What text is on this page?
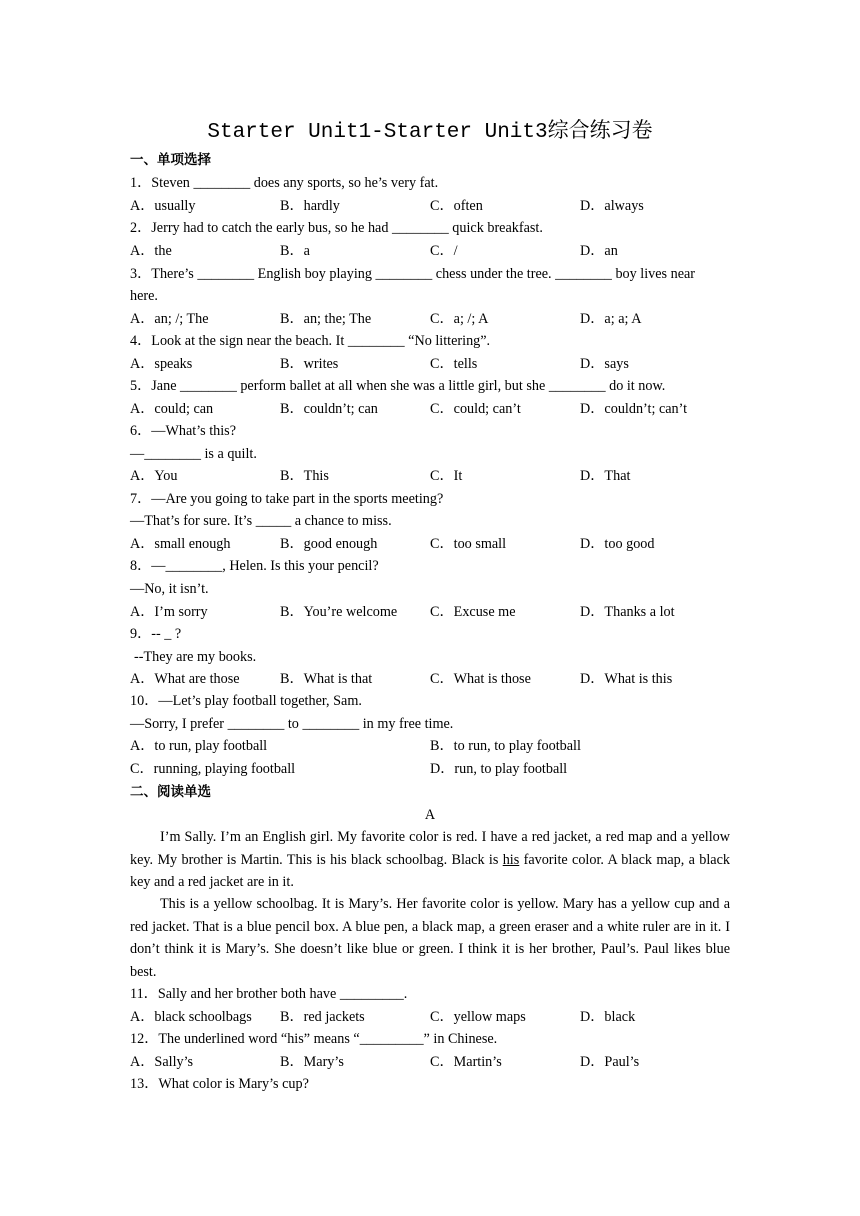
Starter Unit1-Starter Unit3综合练习卷
一、单项选择
1．Steven ________ does any sports, so he’s very fat.
A．usually	B．hardly	C．often	D．always
2．Jerry had to catch the early bus, so he had ________ quick breakfast.
A．the	B．a	C．/	D．an
3．There’s ________ English boy playing ________ chess under the tree. ________ boy lives near
here.
A．an; /; The	B．an; the; The	C．a; /; A	D．a; a; A
4．Look at the sign near the beach. It ________ “No littering”.
A．speaks	B．writes	C．tells	D．says
5．Jane ________ perform ballet at all when she was a little girl, but she ________ do it now.
A．could; can	B．couldn’t; can	C．could; can’t	D．couldn’t; can’t
6．—What’s this?
—________ is a quilt.
A．You	B．This	C．It	D．That
7．—Are you going to take part in the sports meeting?
—That’s for sure. It’s _____ a chance to miss.
A．small enough	B．good enough	C．too small	D．too good
8．—________, Helen. Is this your pencil?
—No, it isn’t.
A．I’m sorry	B．You’re welcome C．Excuse me	D．Thanks a lot
9．-- _ ?
--They are my books.
A．What are those	B．What is that	C．What is those	D．What is this
10．—Let’s play football together, Sam.
—Sorry, I prefer ________ to ________ in my free time.
A．to run, play football	B．to run, to play football
C．running, playing football	D．run, to play football
二、阅读单选
A
I’m Sally. I’m an English girl. My favorite color is red. I have a red jacket, a red map and a yellow key. My brother is Martin. This is his black schoolbag. Black is his favorite color. A black map, a black key and a red jacket are in it.
This is a yellow schoolbag. It is Mary’s. Her favorite color is yellow. Mary has a yellow cup and a red jacket. That is a blue pencil box. A blue pen, a black map, a green eraser and a white ruler are in it. I don’t think it is Mary’s. She doesn’t like blue or green. I think it is her brother, Paul’s. Paul likes blue best.
11．Sally and her brother both have _________.
A．black schoolbags B．red jackets	C．yellow maps	D．black
12．The underlined word “his” means “_________” in Chinese.
A．Sally’s	B．Mary’s	C．Martin’s	D．Paul’s
13．What color is Mary’s cup?
